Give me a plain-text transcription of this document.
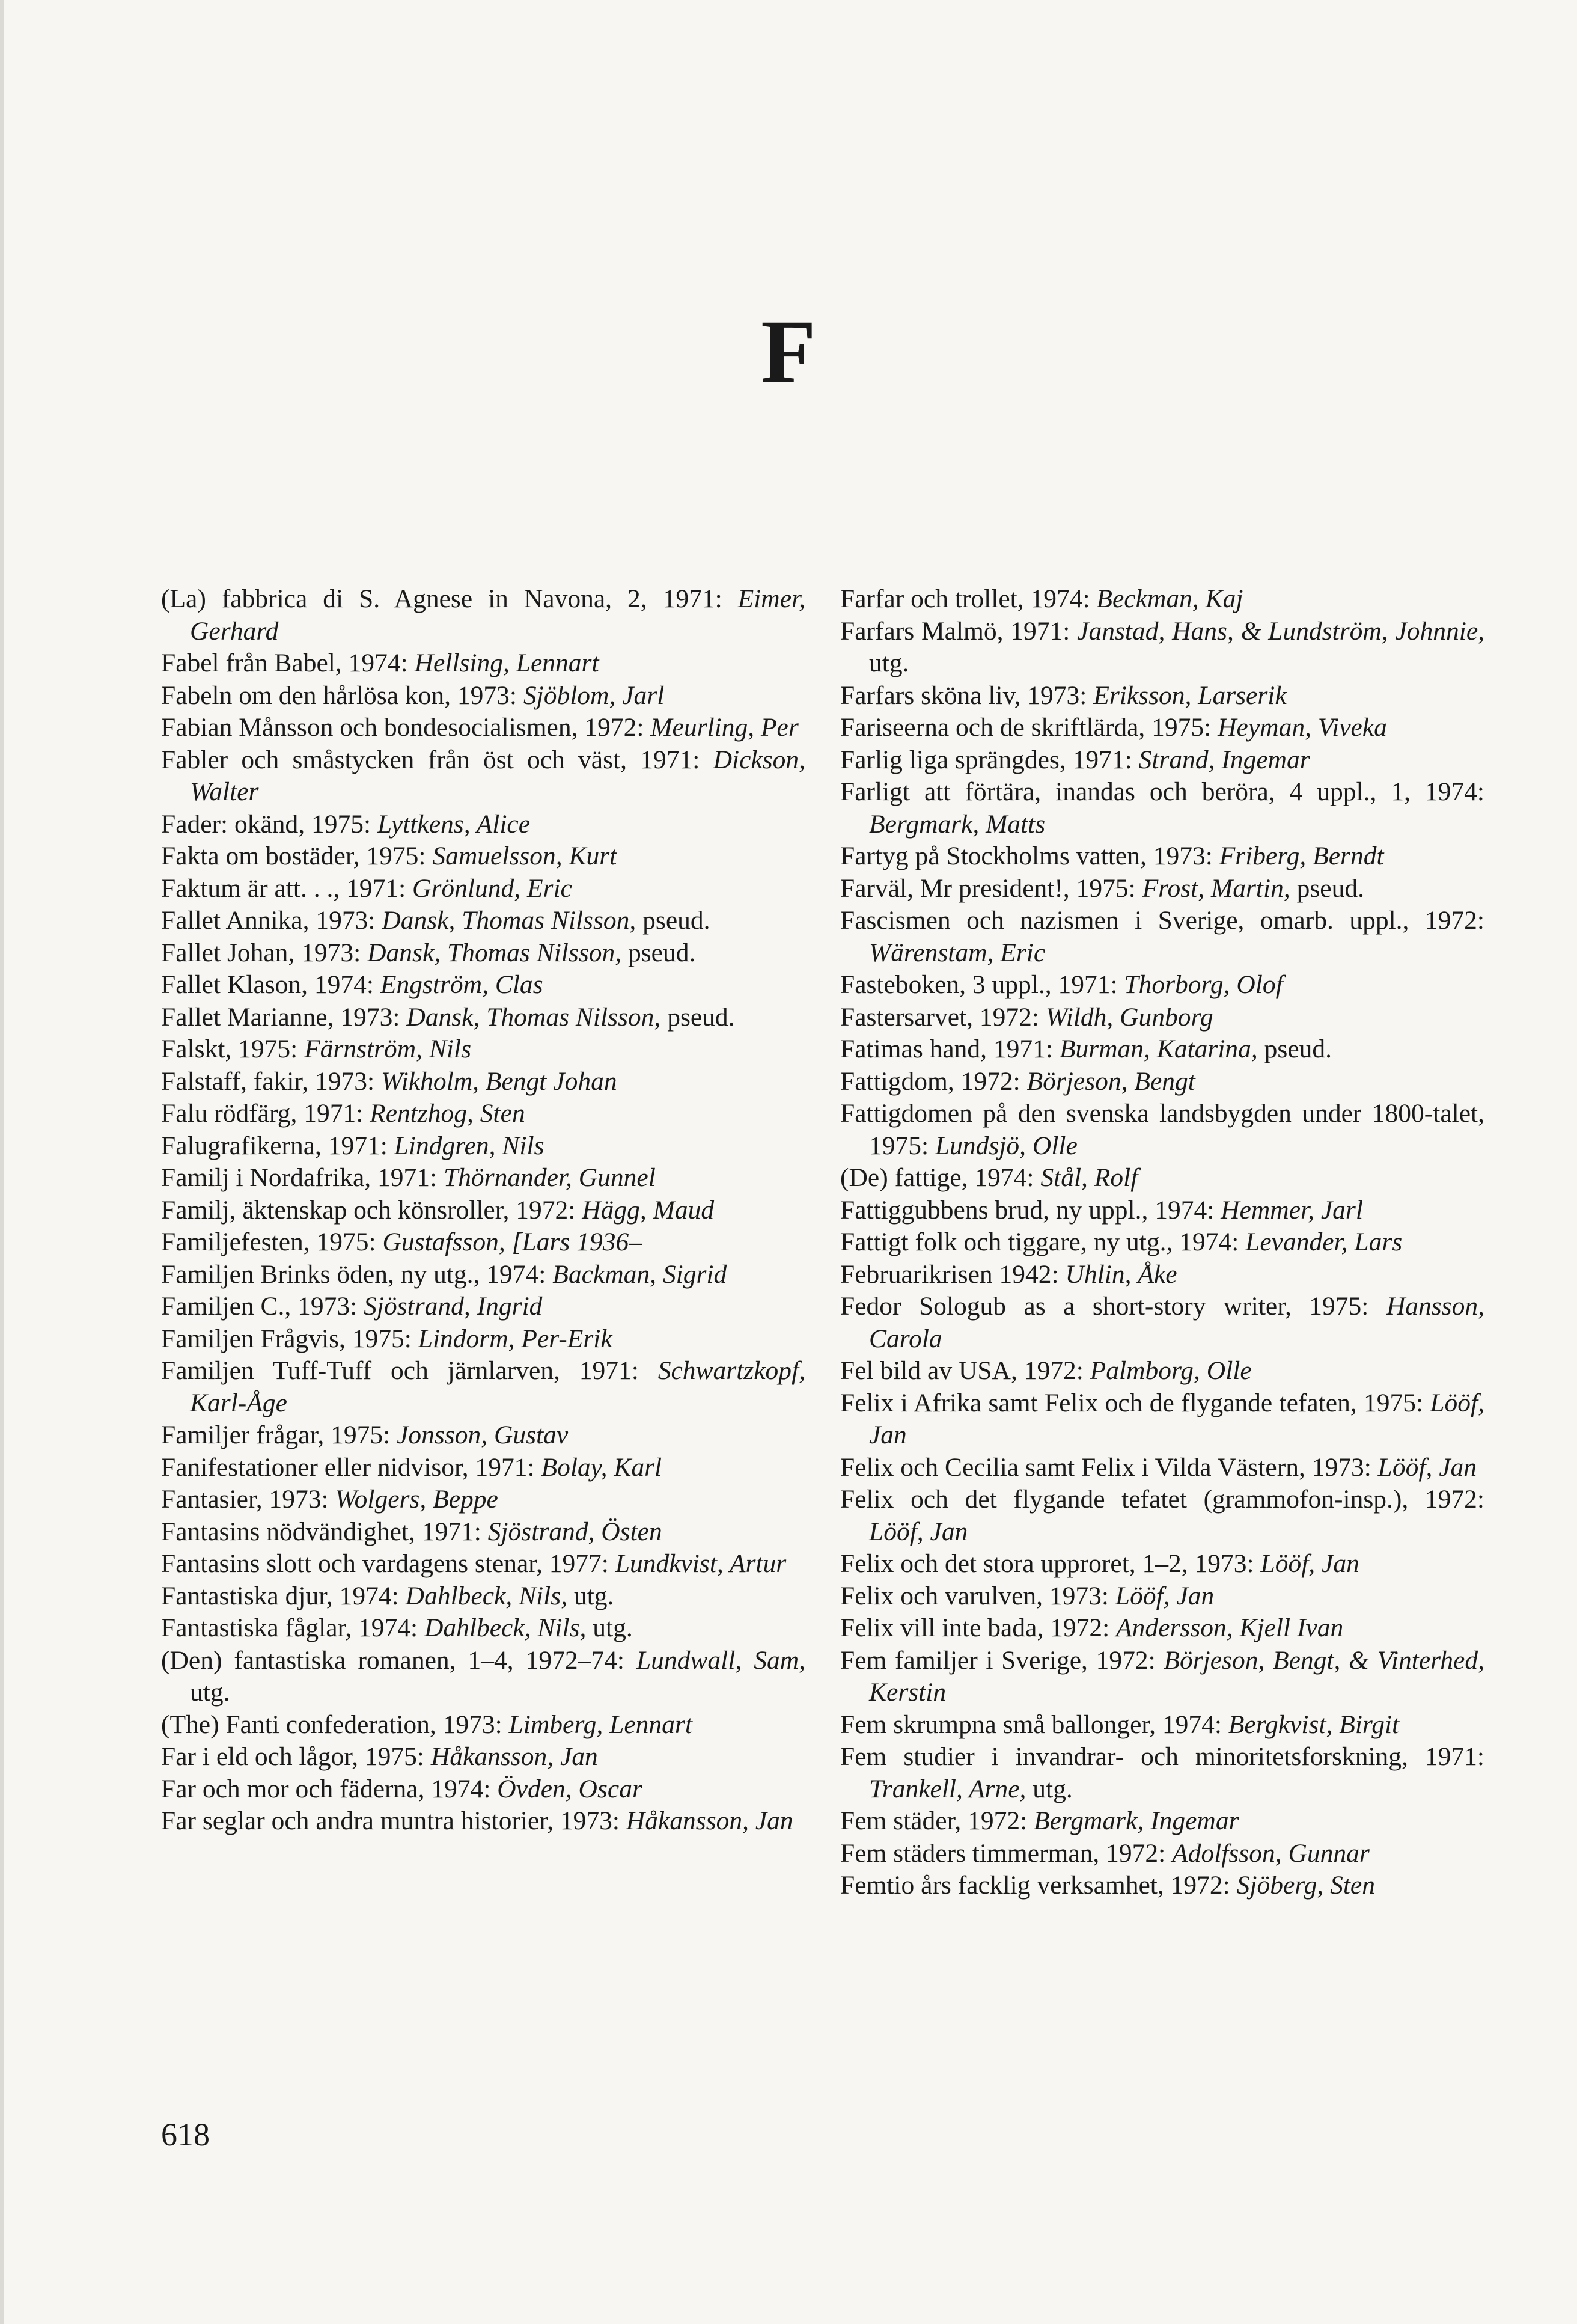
F
(La) fabbrica di S. Agnese in Navona, 2, 1971: Eimer, Gerhard
Fabel från Babel, 1974: Hellsing, Lennart
Fabeln om den hårlösa kon, 1973: Sjöblom, Jarl
Fabian Månsson och bondesocialismen, 1972: Meurling, Per
Fabler och småstycken från öst och väst, 1971: Dickson, Walter
Fader: okänd, 1975: Lyttkens, Alice
Fakta om bostäder, 1975: Samuelsson, Kurt
Faktum är att. . ., 1971: Grönlund, Eric
Fallet Annika, 1973: Dansk, Thomas Nilsson, pseud.
Fallet Johan, 1973: Dansk, Thomas Nilsson, pseud.
Fallet Klason, 1974: Engström, Clas
Fallet Marianne, 1973: Dansk, Thomas Nilsson, pseud.
Falskt, 1975: Färnström, Nils
Falstaff, fakir, 1973: Wikholm, Bengt Johan
Falu rödfärg, 1971: Rentzhog, Sten
Falugrafikerna, 1971: Lindgren, Nils
Familj i Nordafrika, 1971: Thörnander, Gunnel
Familj, äktenskap och könsroller, 1972: Hägg, Maud
Familjefesten, 1975: Gustafsson, [Lars 1936–
Familjen Brinks öden, ny utg., 1974: Backman, Sigrid
Familjen C., 1973: Sjöstrand, Ingrid
Familjen Frågvis, 1975: Lindorm, Per-Erik
Familjen Tuff-Tuff och järnlarven, 1971: Schwartzkopf, Karl-Åge
Familjer frågar, 1975: Jonsson, Gustav
Fanifestationer eller nidvisor, 1971: Bolay, Karl
Fantasier, 1973: Wolgers, Beppe
Fantasins nödvändighet, 1971: Sjöstrand, Östen
Fantasins slott och vardagens stenar, 1977: Lundkvist, Artur
Fantastiska djur, 1974: Dahlbeck, Nils, utg.
Fantastiska fåglar, 1974: Dahlbeck, Nils, utg.
(Den) fantastiska romanen, 1–4, 1972–74: Lundwall, Sam, utg.
(The) Fanti confederation, 1973: Limberg, Lennart
Far i eld och lågor, 1975: Håkansson, Jan
Far och mor och fäderna, 1974: Övden, Oscar
Far seglar och andra muntra historier, 1973: Håkansson, Jan
Farfar och trollet, 1974: Beckman, Kaj
Farfars Malmö, 1971: Janstad, Hans, & Lundström, Johnnie, utg.
Farfars sköna liv, 1973: Eriksson, Larserik
Fariseerna och de skriftlärda, 1975: Heyman, Viveka
Farlig liga sprängdes, 1971: Strand, Ingemar
Farligt att förtära, inandas och beröra, 4 uppl., 1, 1974: Bergmark, Matts
Fartyg på Stockholms vatten, 1973: Friberg, Berndt
Farväl, Mr president!, 1975: Frost, Martin, pseud.
Fascismen och nazismen i Sverige, omarb. uppl., 1972: Wärenstam, Eric
Fasteboken, 3 uppl., 1971: Thorborg, Olof
Fastersarvet, 1972: Wildh, Gunborg
Fatimas hand, 1971: Burman, Katarina, pseud.
Fattigdom, 1972: Börjeson, Bengt
Fattigdomen på den svenska landsbygden under 1800-talet, 1975: Lundsjö, Olle
(De) fattige, 1974: Stål, Rolf
Fattiggubbens brud, ny uppl., 1974: Hemmer, Jarl
Fattigt folk och tiggare, ny utg., 1974: Levander, Lars
Februarikrisen 1942: Uhlin, Åke
Fedor Sologub as a short-story writer, 1975: Hansson, Carola
Fel bild av USA, 1972: Palmborg, Olle
Felix i Afrika samt Felix och de flygande tefaten, 1975: Lööf, Jan
Felix och Cecilia samt Felix i Vilda Västern, 1973: Lööf, Jan
Felix och det flygande tefatet (grammofon-insp.), 1972: Lööf, Jan
Felix och det stora upproret, 1–2, 1973: Lööf, Jan
Felix och varulven, 1973: Lööf, Jan
Felix vill inte bada, 1972: Andersson, Kjell Ivan
Fem familjer i Sverige, 1972: Börjeson, Bengt, & Vinterhed, Kerstin
Fem skrumpna små ballonger, 1974: Bergkvist, Birgit
Fem studier i invandrar- och minoritetsforskning, 1971: Trankell, Arne, utg.
Fem städer, 1972: Bergmark, Ingemar
Fem städers timmerman, 1972: Adolfsson, Gunnar
Femtio års facklig verksamhet, 1972: Sjöberg, Sten
618
